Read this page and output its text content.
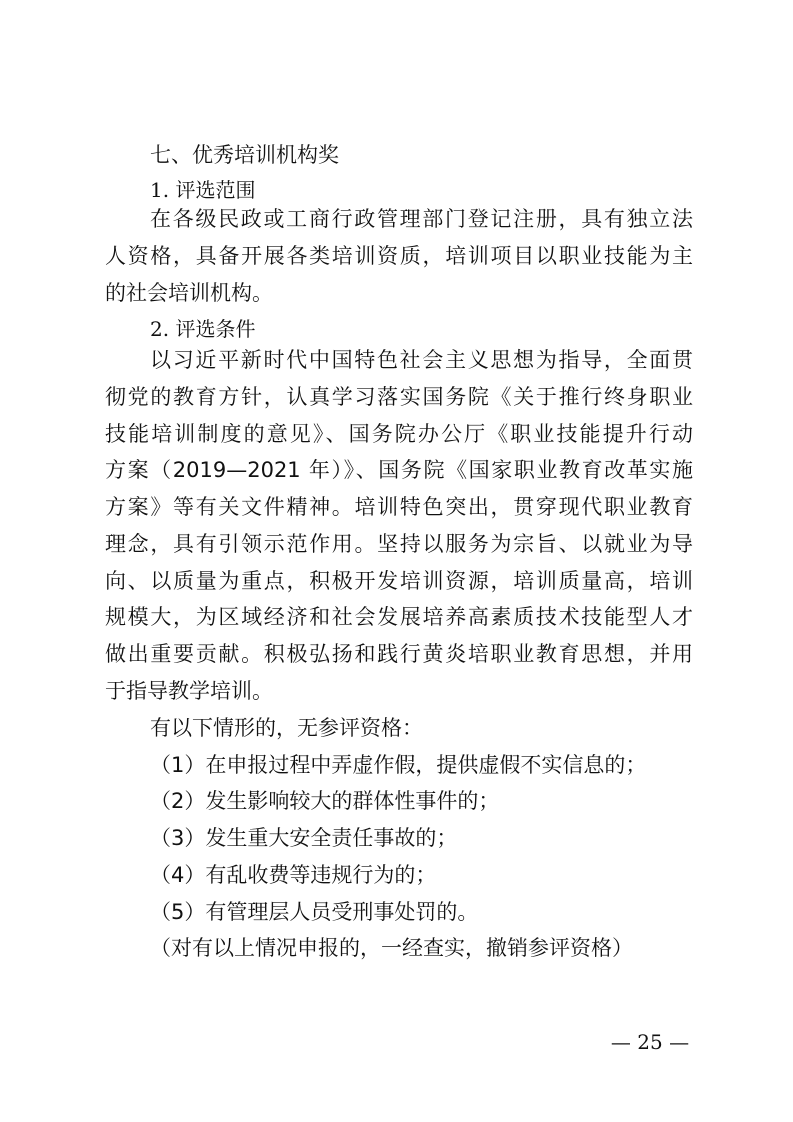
七、优秀培训机构奖
1. 评选范围
在各级民政或工商行政管理部门登记注册，具有独立法
人资格，具备开展各类培训资质，培训项目以职业技能为主
的社会培训机构。
2. 评选条件
以习近平新时代中国特色社会主义思想为指导，全面贯
彻党的教育方针，认真学习落实国务院《关于推行终身职业
技能培训制度的意见》、国务院办公厅《职业技能提升行动
方案（2019—2021 年）》、国务院《国家职业教育改革实施
方案》等有关文件精神。培训特色突出，贯穿现代职业教育
理念，具有引领示范作用。坚持以服务为宗旨、以就业为导
向、以质量为重点，积极开发培训资源，培训质量高，培训
规模大，为区域经济和社会发展培养高素质技术技能型人才
做出重要贡献。积极弘扬和践行黄炎培职业教育思想，并用
于指导教学培训。
有以下情形的，无参评资格：
（1）在申报过程中弄虚作假，提供虚假不实信息的；
（2）发生影响较大的群体性事件的；
（3）发生重大安全责任事故的；
（4）有乱收费等违规行为的；
（5）有管理层人员受刑事处罚的。
（对有以上情况申报的，一经查实，撤销参评资格）
— 25 —
